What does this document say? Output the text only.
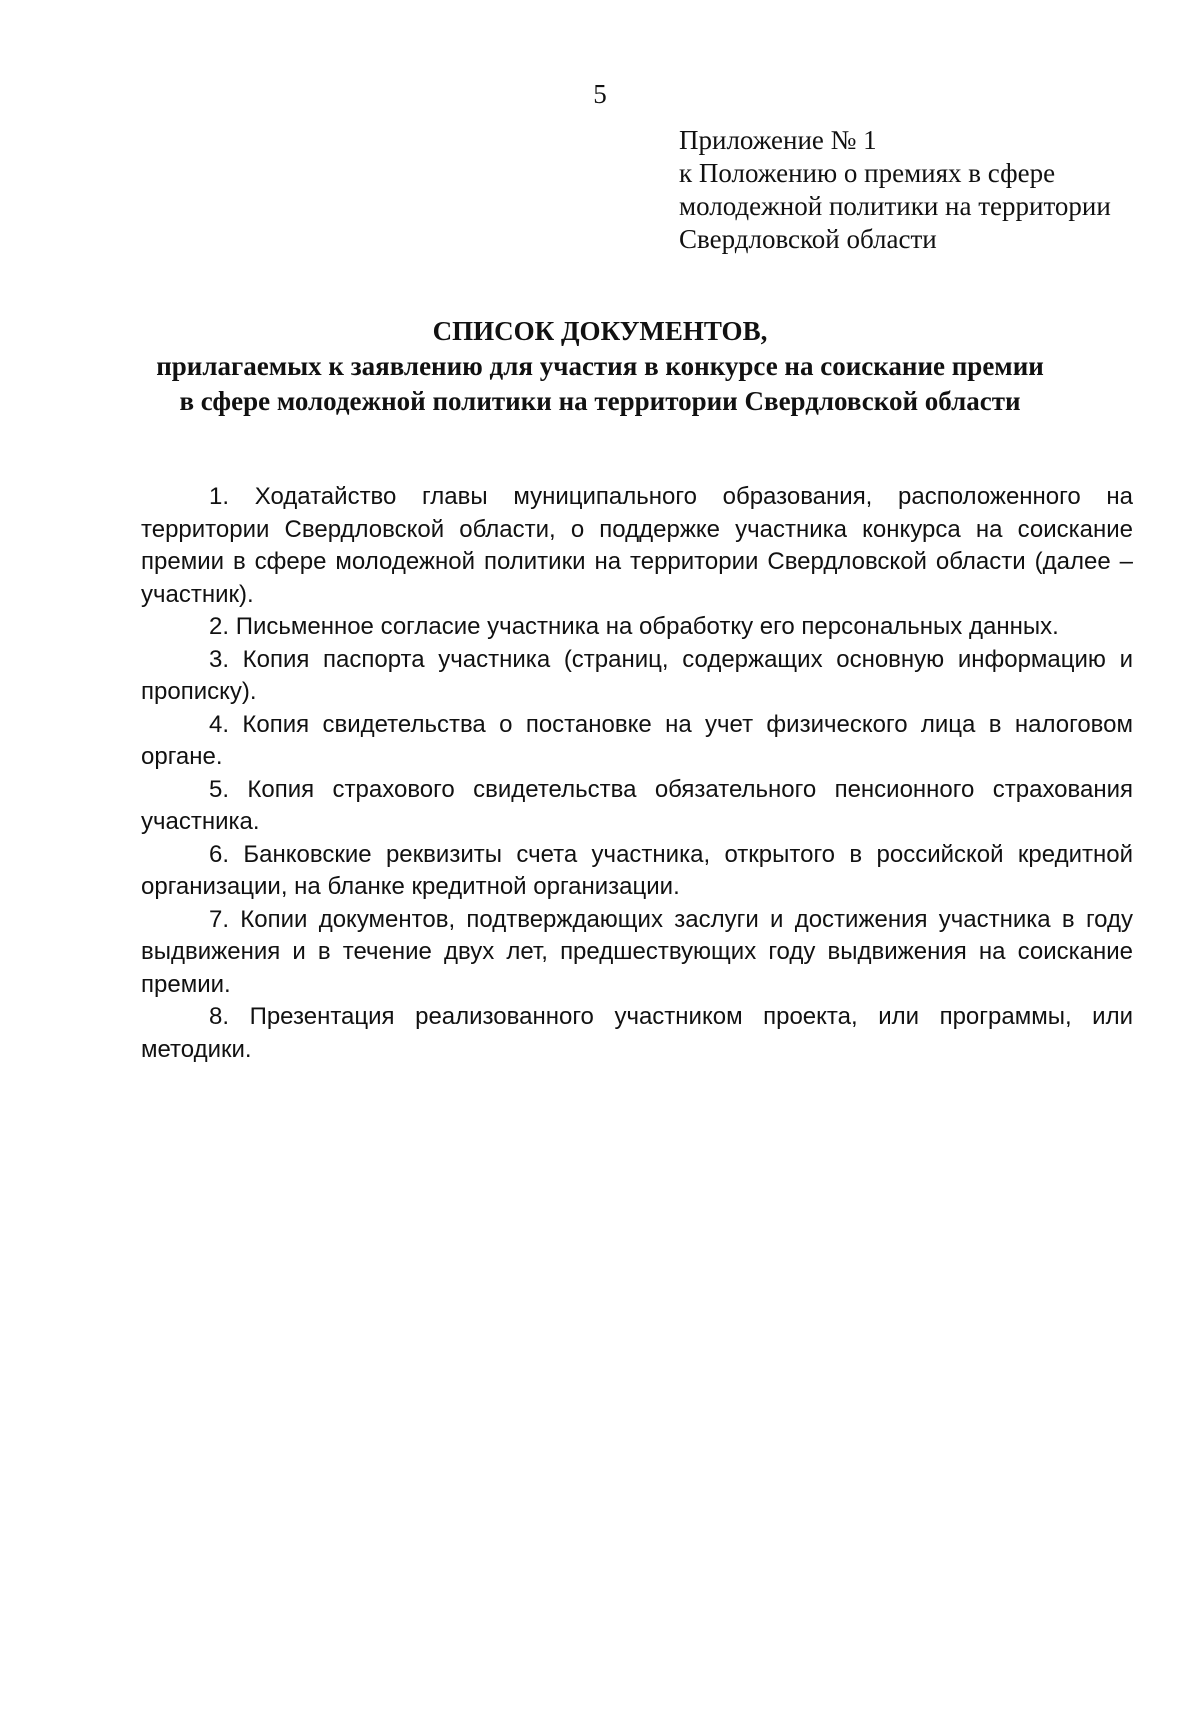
5
Приложение № 1
к Положению о премиях в сфере
молодежной политики на территории
Свердловской области
СПИСОК ДОКУМЕНТОВ,
прилагаемых к заявлению для участия в конкурсе на соискание премии
в сфере молодежной политики на территории Свердловской области

1. Ходатайство главы муниципального образования, расположенного на территории Свердловской области, о поддержке участника конкурса на соискание премии в сфере молодежной политики на территории Свердловской области (далее – участник).

2. Письменное согласие участника на обработку его персональных данных.

3. Копия паспорта участника (страниц, содержащих основную информацию и прописку).

4. Копия свидетельства о постановке на учет физического лица в налоговом органе.

5. Копия страхового свидетельства обязательного пенсионного страхования участника.

6. Банковские реквизиты счета участника, открытого в российской кредитной организации, на бланке кредитной организации.

7. Копии документов, подтверждающих заслуги и достижения участника в году выдвижения и в течение двух лет, предшествующих году выдвижения на соискание премии.

8. Презентация реализованного участником проекта, или программы, или методики.
